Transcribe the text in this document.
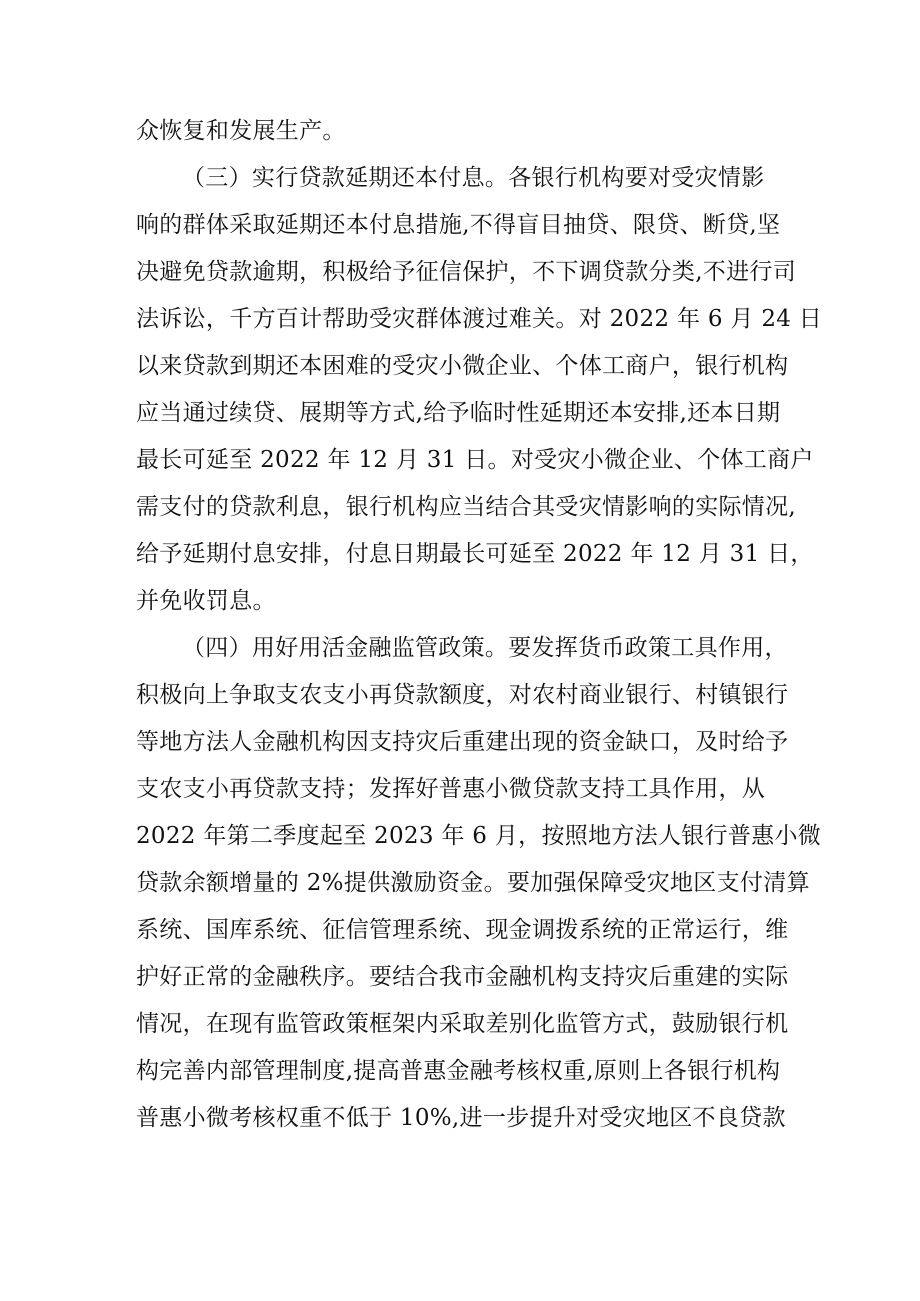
众恢复和发展生产。
（三）实行贷款延期还本付息。各银行机构要对受灾情影
响的群体采取延期还本付息措施,不得盲目抽贷、限贷、断贷,坚
决避免贷款逾期，积极给予征信保护，不下调贷款分类,不进行司
法诉讼，千方百计帮助受灾群体渡过难关。对 2022 年 6 月 24 日
以来贷款到期还本困难的受灾小微企业、个体工商户，银行机构
应当通过续贷、展期等方式,给予临时性延期还本安排,还本日期
最长可延至 2022 年 12 月 31 日。对受灾小微企业、个体工商户
需支付的贷款利息，银行机构应当结合其受灾情影响的实际情况,
给予延期付息安排，付息日期最长可延至 2022 年 12 月 31 日，
并免收罚息。
（四）用好用活金融监管政策。要发挥货币政策工具作用，
积极向上争取支农支小再贷款额度，对农村商业银行、村镇银行
等地方法人金融机构因支持灾后重建出现的资金缺口，及时给予
支农支小再贷款支持；发挥好普惠小微贷款支持工具作用，从
2022 年第二季度起至 2023 年 6 月，按照地方法人银行普惠小微
贷款余额增量的 2%提供激励资金。要加强保障受灾地区支付清算
系统、国库系统、征信管理系统、现金调拨系统的正常运行，维
护好正常的金融秩序。要结合我市金融机构支持灾后重建的实际
情况，在现有监管政策框架内采取差别化监管方式，鼓励银行机
构完善内部管理制度,提高普惠金融考核权重,原则上各银行机构
普惠小微考核权重不低于 10%,进一步提升对受灾地区不良贷款
